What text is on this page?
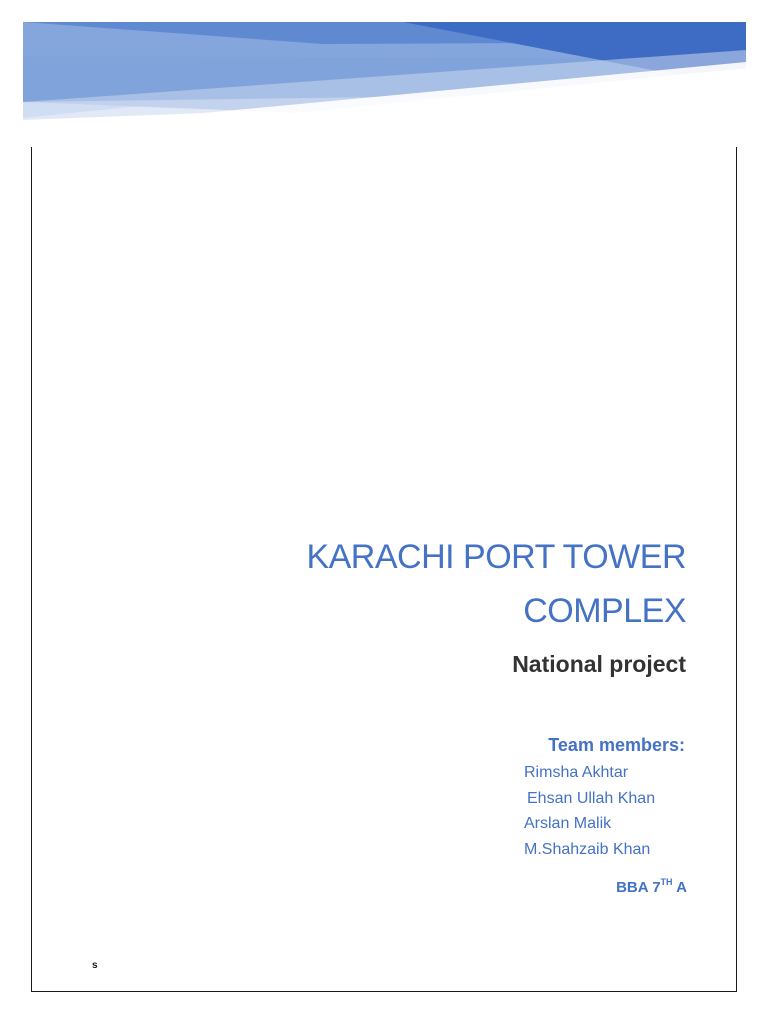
KARACHI PORT TOWER
COMPLEX
National project
Team members:
Rimsha Akhtar
Ehsan Ullah Khan
Arslan Malik
M.Shahzaib Khan
BBA 7TH A
s
